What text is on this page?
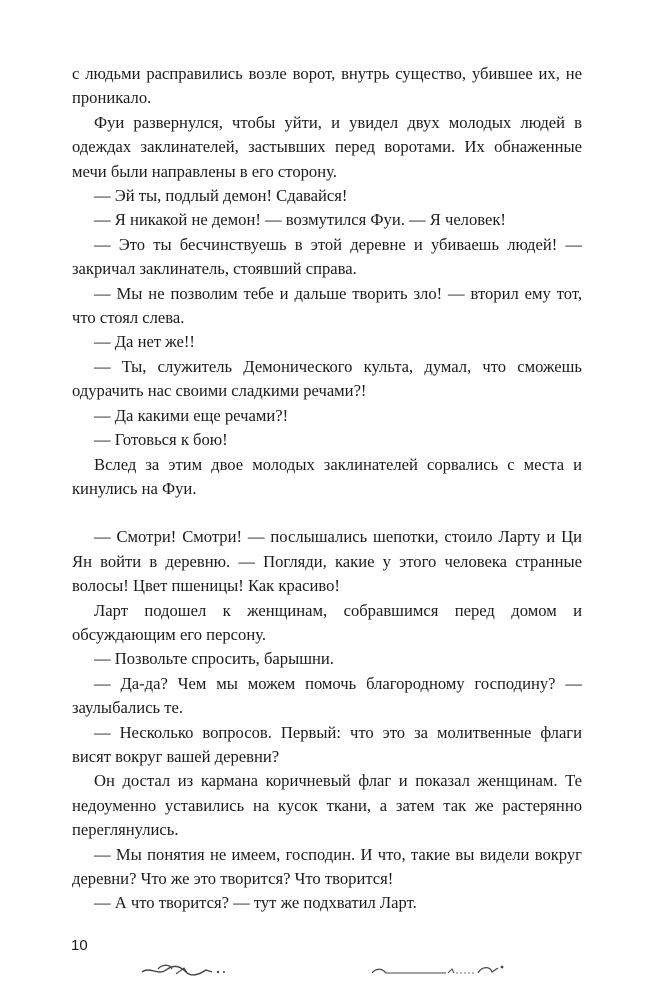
с людьми расправились возле ворот, внутрь существо, убившее их, не проникало.

Фуи развернулся, чтобы уйти, и увидел двух молодых людей в одеждах заклинателей, застывших перед воротами. Их обнаженные мечи были направлены в его сторону.

— Эй ты, подлый демон! Сдавайся!

— Я никакой не демон! — возмутился Фуи. — Я человек!

— Это ты бесчинствуешь в этой деревне и убиваешь людей! — закричал заклинатель, стоявший справа.

— Мы не позволим тебе и дальше творить зло! — вторил ему тот, что стоял слева.

— Да нет же!!

— Ты, служитель Демонического культа, думал, что сможешь одурачить нас своими сладкими речами?!

— Да какими еще речами?!

— Готовься к бою!

Вслед за этим двое молодых заклинателей сорвались с места и кинулись на Фуи.

— Смотри! Смотри! — послышались шепотки, стоило Ларту и Ци Ян войти в деревню. — Погляди, какие у этого человека странные волосы! Цвет пшеницы! Как красиво!

Ларт подошел к женщинам, собравшимся перед домом и обсуждающим его персону.

— Позвольте спросить, барышни.

— Да-да? Чем мы можем помочь благородному господину? — заулыбались те.

— Несколько вопросов. Первый: что это за молитвенные флаги висят вокруг вашей деревни?

Он достал из кармана коричневый флаг и показал женщинам. Те недоуменно уставились на кусок ткани, а затем так же растерянно переглянулись.

— Мы понятия не имеем, господин. И что, такие вы видели вокруг деревни? Что же это творится? Что творится!

— А что творится? — тут же подхватил Ларт.

10
